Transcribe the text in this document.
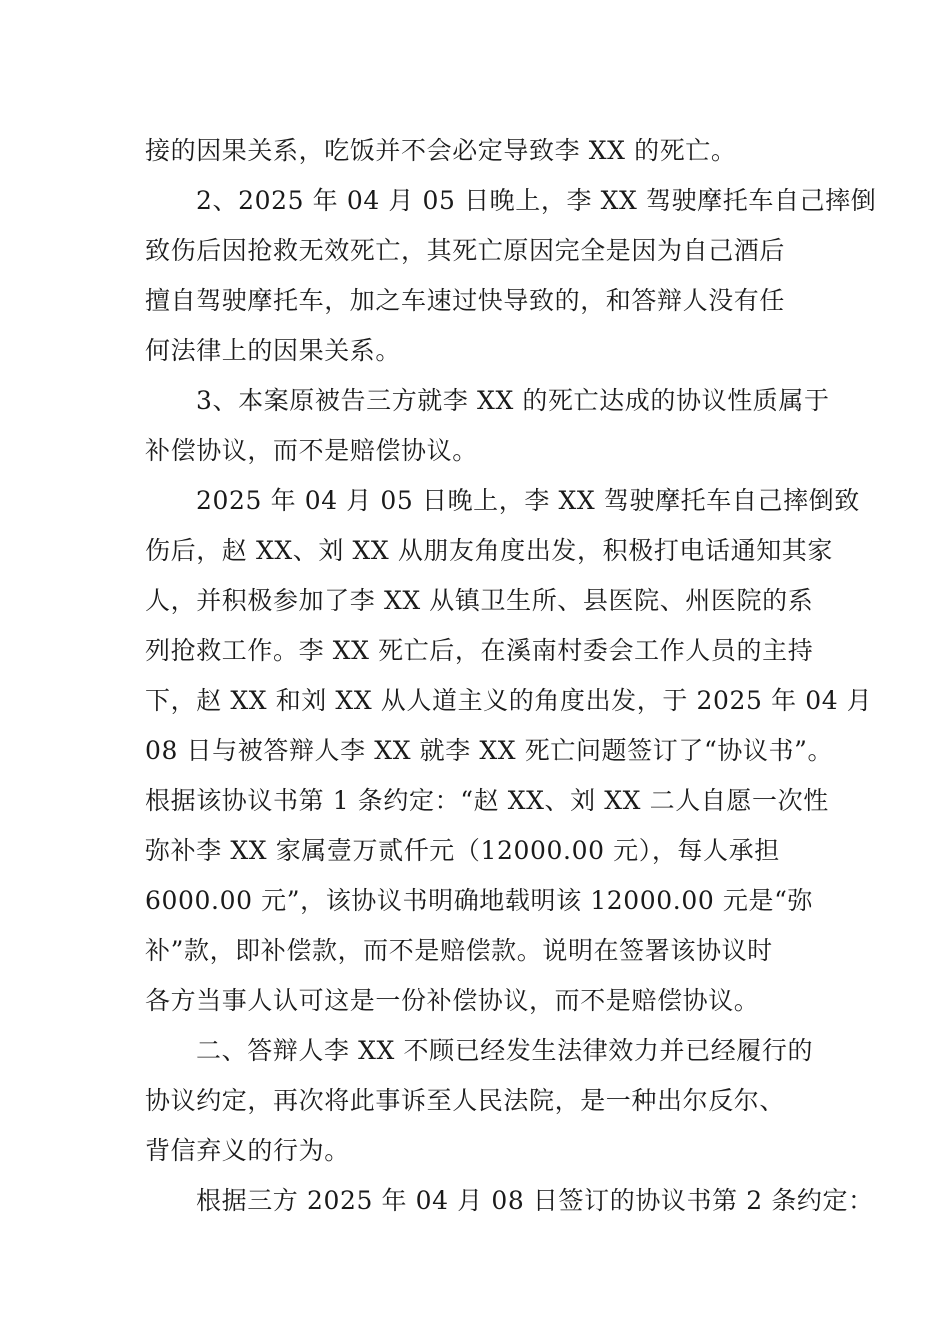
接的因果关系，吃饭并不会必定导致李 XX 的死亡。

2、2025 年 04 月 05 日晚上，李 XX 驾驶摩托车自己摔倒

致伤后因抢救无效死亡，其死亡原因完全是因为自己酒后

擅自驾驶摩托车，加之车速过快导致的，和答辩人没有任

何法律上的因果关系。

3、本案原被告三方就李 XX 的死亡达成的协议性质属于

补偿协议，而不是赔偿协议。

2025 年 04 月 05 日晚上，李 XX 驾驶摩托车自己摔倒致

伤后，赵 XX、刘 XX 从朋友角度出发，积极打电话通知其家

人，并积极参加了李 XX 从镇卫生所、县医院、州医院的系

列抢救工作。李 XX 死亡后，在溪南村委会工作人员的主持

下，赵 XX 和刘 XX 从人道主义的角度出发，于 2025 年 04 月

08 日与被答辩人李 XX 就李 XX 死亡问题签订了“协议书”。

根据该协议书第 1 条约定：“赵 XX、刘 XX 二人自愿一次性

弥补李 XX 家属壹万贰仟元（12000.00 元），每人承担

6000.00 元”，该协议书明确地载明该 12000.00 元是“弥

补”款，即补偿款，而不是赔偿款。说明在签署该协议时

各方当事人认可这是一份补偿协议，而不是赔偿协议。

二、答辩人李 XX 不顾已经发生法律效力并已经履行的

协议约定，再次将此事诉至人民法院，是一种出尔反尔、

背信弃义的行为。

根据三方 2025 年 04 月 08 日签订的协议书第 2 条约定：
